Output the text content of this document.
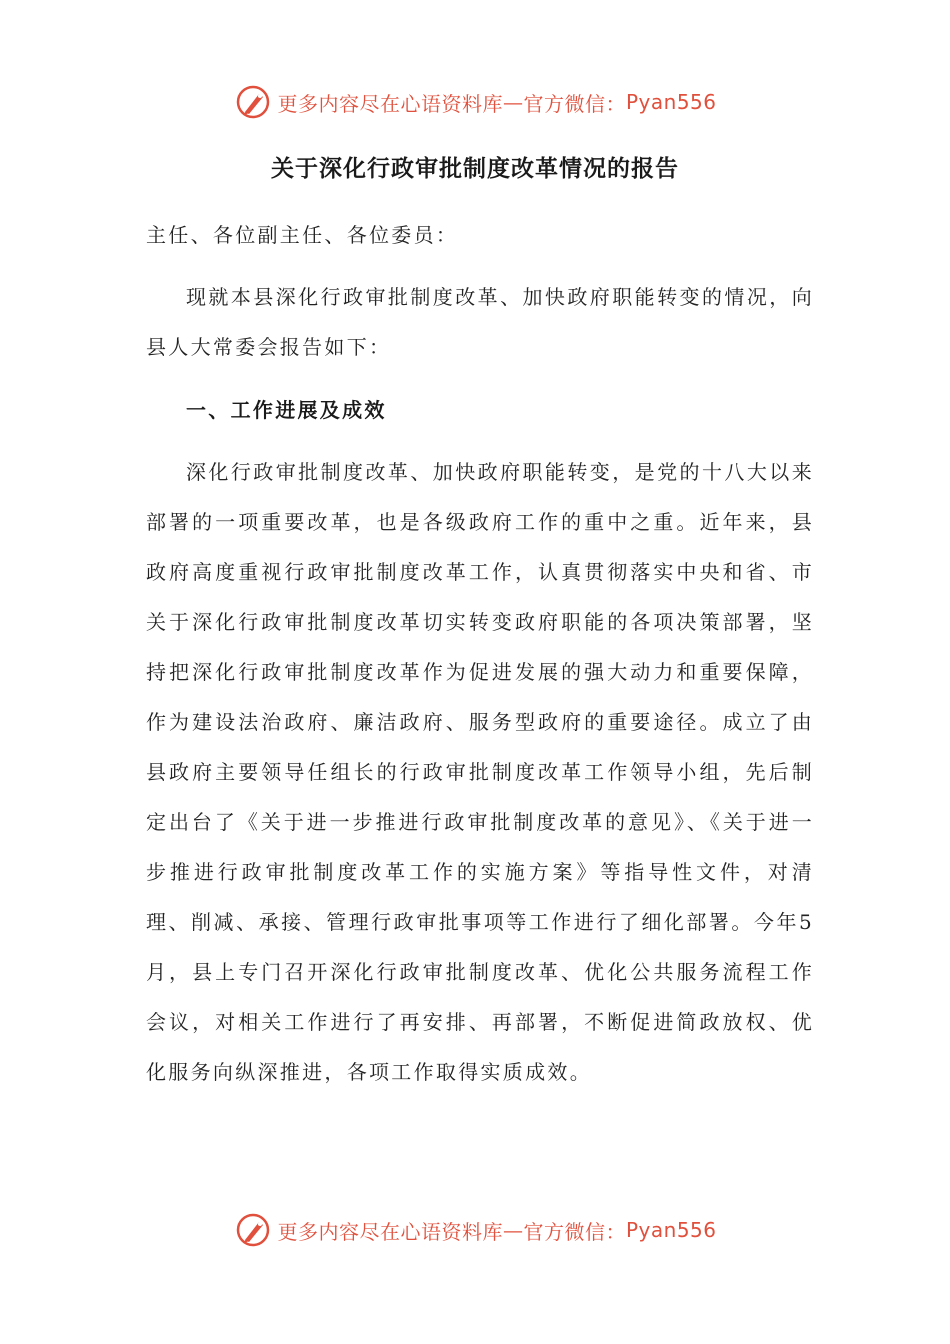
更多内容尽在心语资料库 — 官方微信： Pyan556
关于深化行政审批制度改革情况的报告
主任、各位副主任、各位委员：
现就本县深化行政审批制度改革、加快政府职能转变的情况，向县人大常委会报告如下：
一、工作进展及成效
深化行政审批制度改革、加快政府职能转变，是党的十八大以来部署的一项重要改革，也是各级政府工作的重中之重。近年来，县政府高度重视行政审批制度改革工作，认真贯彻落实中央和省、市关于深化行政审批制度改革切实转变政府职能的各项决策部署，坚持把深化行政审批制度改革作为促进发展的强大动力和重要保障，作为建设法治政府、廉洁政府、服务型政府的重要途径。成立了由县政府主要领导任组长的行政审批制度改革工作领导小组，先后制定出台了《关于进一步推进行政审批制度改革的意见》、《关于进一步推进行政审批制度改革工作的实施方案》等指导性文件，对清理、削减、承接、管理行政审批事项等工作进行了细化部署。今年5月，县上专门召开深化行政审批制度改革、优化公共服务流程工作会议，对相关工作进行了再安排、再部署，不断促进简政放权、优化服务向纵深推进，各项工作取得实质成效。
更多内容尽在心语资料库 — 官方微信： Pyan556
